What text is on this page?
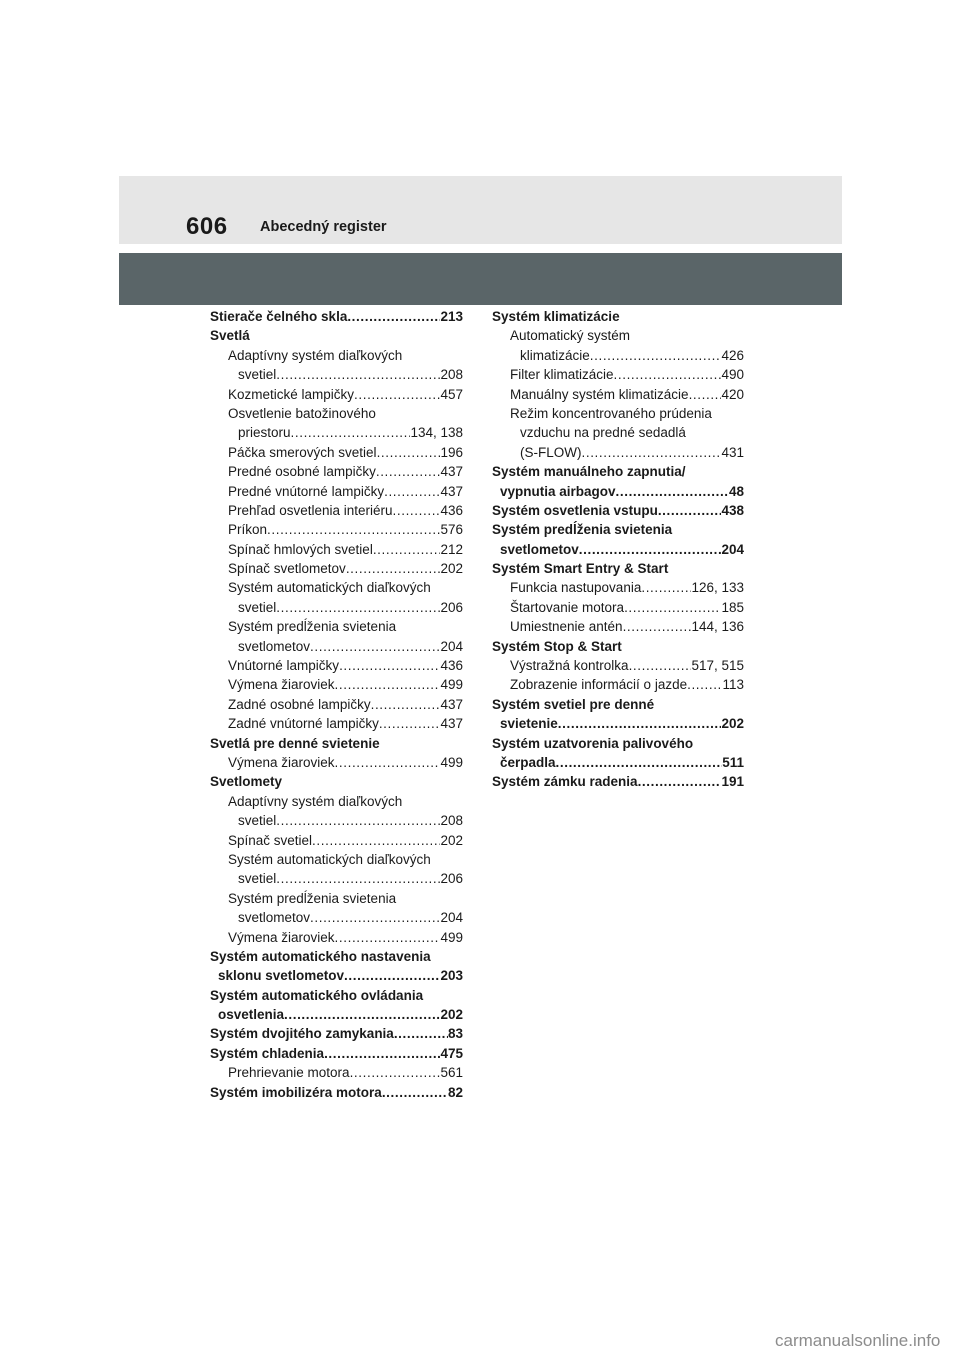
606 Abecedný register
Stierače čelného skla .....	213
Svetlá
Adaptívny systém diaľkových
svetiel .....	208
Kozmetické lampičky .....	457
Osvetlenie batožinového
priestoru .....	134, 138
Páčka smerových svetiel .....	196
Predné osobné lampičky .....	437
Predné vnútorné lampičky .....	437
Prehľad osvetlenia interiéru .....	436
Príkon .....	576
Spínač hmlových svetiel .....	212
Spínač svetlometov .....	202
Systém automatických diaľkových
svetiel .....	206
Systém predĺženia svietenia
svetlometov .....	204
Vnútorné lampičky .....	436
Výmena žiaroviek .....	499
Zadné osobné lampičky .....	437
Zadné vnútorné lampičky .....	437
Svetlá pre denné svietenie
Výmena žiaroviek .....	499
Svetlomety
Adaptívny systém diaľkových
svetiel .....	208
Spínač svetiel .....	202
Systém automatických diaľkových
svetiel .....	206
Systém predĺženia svietenia
svetlometov .....	204
Výmena žiaroviek .....	499
Systém automatického nastavenia
sklonu svetlometov .....	203
Systém automatického ovládania
osvetlenia .....	202
Systém dvojitého zamykania .....	83
Systém chladenia .....	475
Prehrievanie motora .....	561
Systém imobilizéra motora .....	82
Systém klimatizácie
Automatický systém
klimatizácie .....	426
Filter klimatizácie .....	490
Manuálny systém klimatizácie ..... 420
Režim koncentrovaného prúdenia
vzduchu na predné sedadlá
(S-FLOW) .....	431
Systém manuálneho zapnutia/
vypnutia airbagov .....	48
Systém osvetlenia vstupu .....	438
Systém predĺženia svietenia
svetlometov .....	204
Systém Smart Entry & Start
Funkcia nastupovania .....	126, 133
Štartovanie motora .....	185
Umiestnenie antén .....	144, 136
Systém Stop & Start
Výstražná kontrolka .....	517, 515
Zobrazenie informácií o jazde .....	113
Systém svetiel pre denné
svietenie .....	202
Systém uzatvorenia palivového
čerpadla .....	511
Systém zámku radenia .....	191
carmanualsonline.info
